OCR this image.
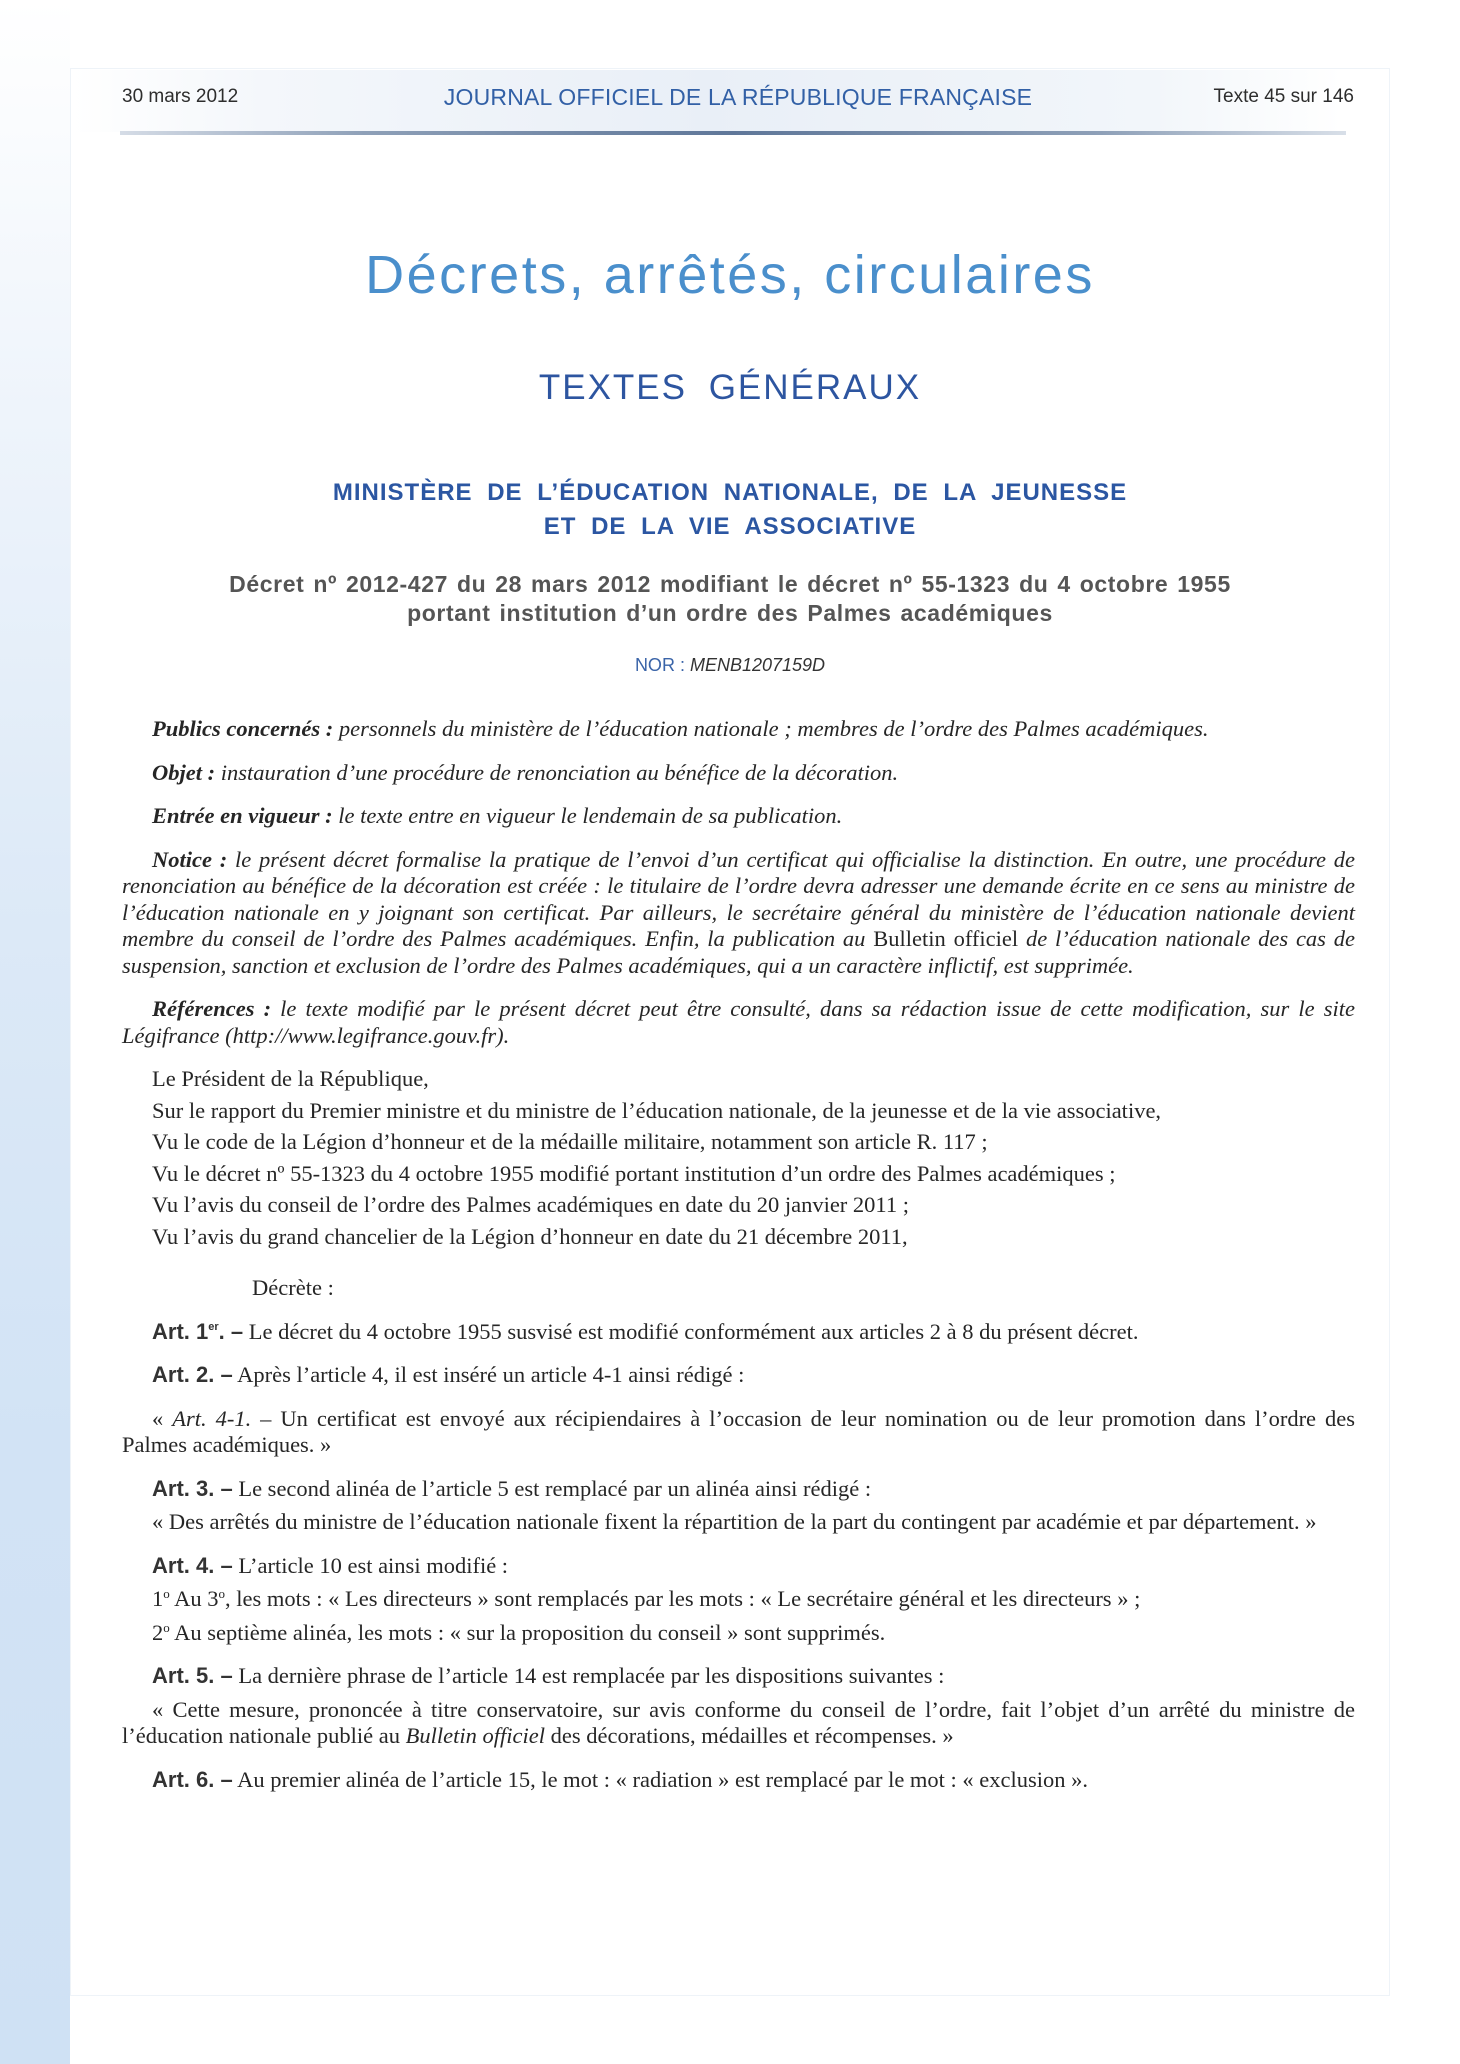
30 mars 2012	JOURNAL OFFICIEL DE LA RÉPUBLIQUE FRANÇAISE	Texte 45 sur 146
Décrets, arrêtés, circulaires
TEXTES GÉNÉRAUX
MINISTÈRE DE L’ÉDUCATION NATIONALE, DE LA JEUNESSE
ET DE LA VIE ASSOCIATIVE
Décret nº 2012-427 du 28 mars 2012 modifiant le décret nº 55-1323 du 4 octobre 1955
portant institution d’un ordre des Palmes académiques
NOR : MENB1207159D

Publics concernés : personnels du ministère de l’éducation nationale ; membres de l’ordre des Palmes académiques.

Objet : instauration d’une procédure de renonciation au bénéfice de la décoration.

Entrée en vigueur : le texte entre en vigueur le lendemain de sa publication.

Notice : le présent décret formalise la pratique de l’envoi d’un certificat qui officialise la distinction. En outre, une procédure de renonciation au bénéfice de la décoration est créée : le titulaire de l’ordre devra adresser une demande écrite en ce sens au ministre de l’éducation nationale en y joignant son certificat. Par ailleurs, le secrétaire général du ministère de l’éducation nationale devient membre du conseil de l’ordre des Palmes académiques. Enfin, la publication au Bulletin officiel de l’éducation nationale des cas de suspension, sanction et exclusion de l’ordre des Palmes académiques, qui a un caractère inflictif, est supprimée.

Références : le texte modifié par le présent décret peut être consulté, dans sa rédaction issue de cette modification, sur le site Légifrance (http://www.legifrance.gouv.fr).

Le Président de la République,

Sur le rapport du Premier ministre et du ministre de l’éducation nationale, de la jeunesse et de la vie associative,

Vu le code de la Légion d’honneur et de la médaille militaire, notamment son article R. 117 ;

Vu le décret nº 55-1323 du 4 octobre 1955 modifié portant institution d’un ordre des Palmes académiques ;

Vu l’avis du conseil de l’ordre des Palmes académiques en date du 20 janvier 2011 ;

Vu l’avis du grand chancelier de la Légion d’honneur en date du 21 décembre 2011,

Décrète :

Art. 1er. – Le décret du 4 octobre 1955 susvisé est modifié conformément aux articles 2 à 8 du présent décret.

Art. 2. – Après l’article 4, il est inséré un article 4-1 ainsi rédigé :

« Art. 4-1. – Un certificat est envoyé aux récipiendaires à l’occasion de leur nomination ou de leur promotion dans l’ordre des Palmes académiques. »

Art. 3. – Le second alinéa de l’article 5 est remplacé par un alinéa ainsi rédigé :

« Des arrêtés du ministre de l’éducation nationale fixent la répartition de la part du contingent par académie et par département. »

Art. 4. – L’article 10 est ainsi modifié :

1$^o$ Au 3$^o$, les mots : « Les directeurs » sont remplacés par les mots : « Le secrétaire général et les directeurs » ;

2$^o$ Au septième alinéa, les mots : « sur la proposition du conseil » sont supprimés.

Art. 5. – La dernière phrase de l’article 14 est remplacée par les dispositions suivantes :

« Cette mesure, prononcée à titre conservatoire, sur avis conforme du conseil de l’ordre, fait l’objet d’un arrêté du ministre de l’éducation nationale publié au Bulletin officiel des décorations, médailles et récompenses. »

Art. 6. – Au premier alinéa de l’article 15, le mot : « radiation » est remplacé par le mot : « exclusion ».
